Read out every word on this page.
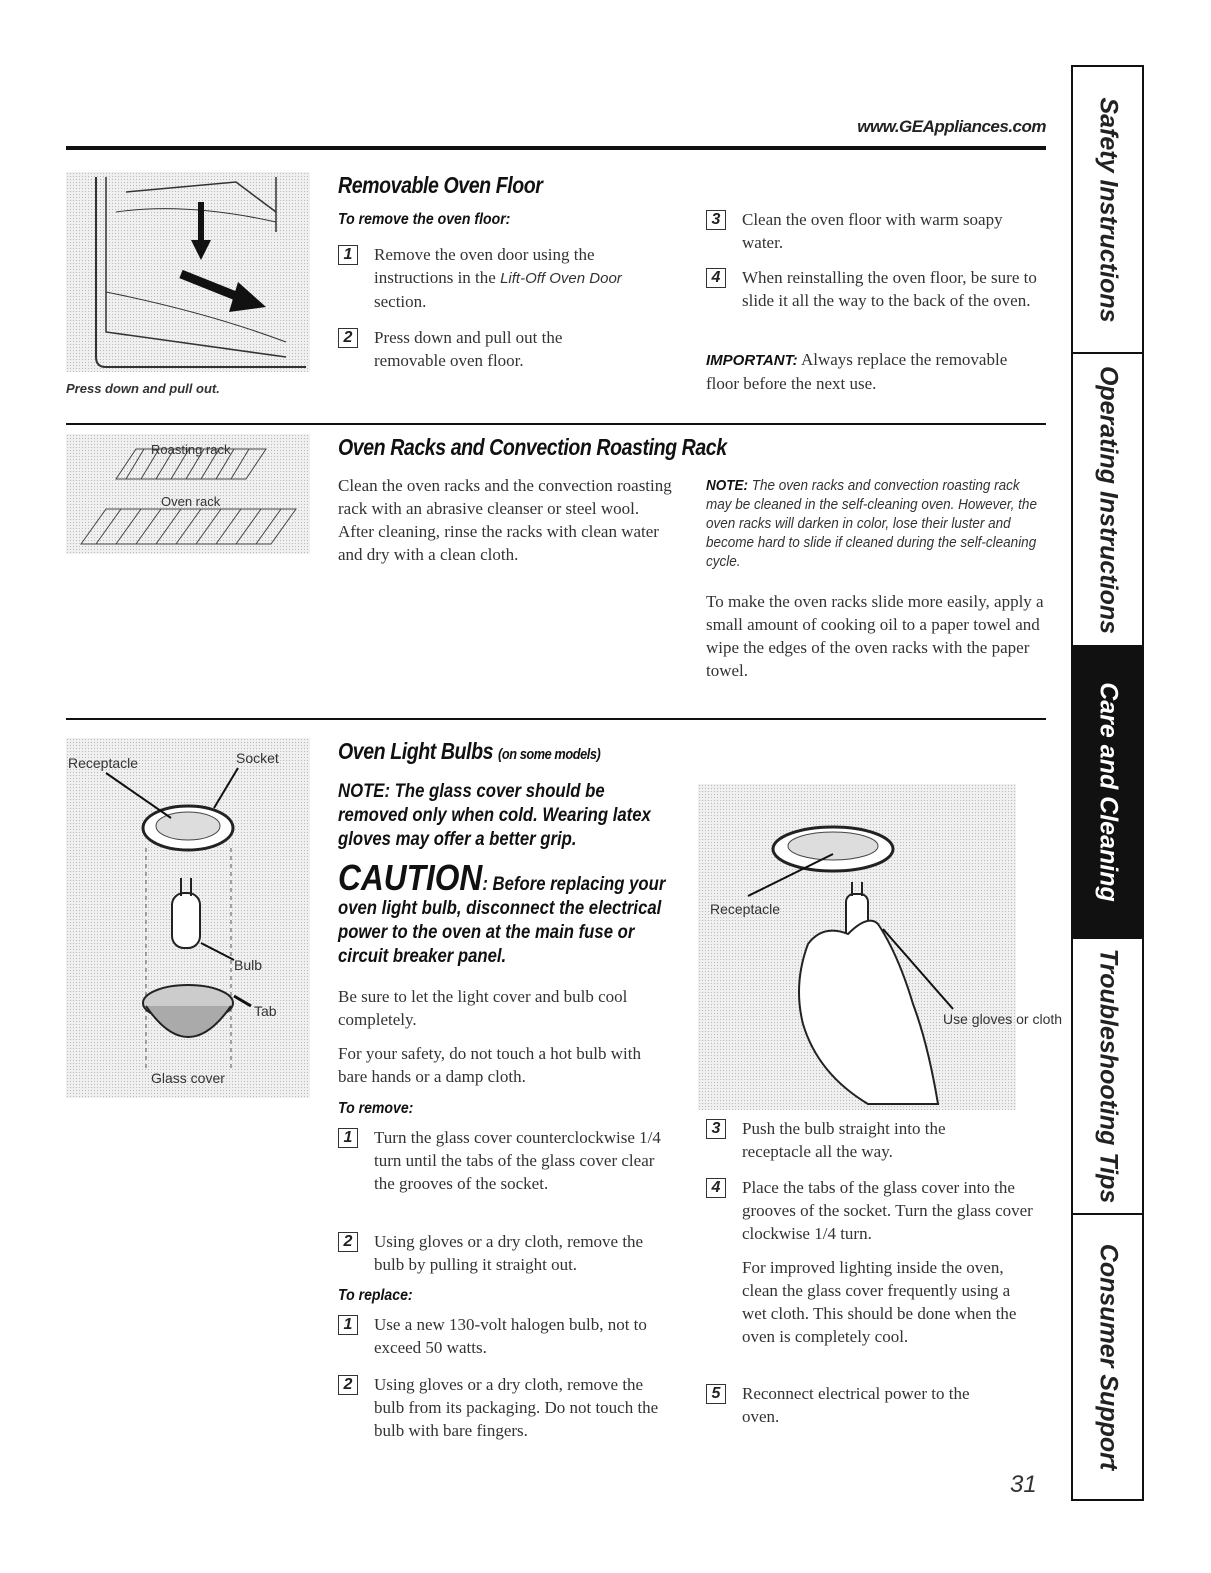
www.GEAppliances.com
Press down and pull out.
Removable Oven Floor
To remove the oven floor:
1	Remove the oven door using the instructions in the Lift-Off Oven Door section.
2	Press down and pull out the removable oven floor.
3	Clean the oven floor with warm soapy water.
4	When reinstalling the oven floor, be sure to slide it all the way to the back of the oven.
IMPORTANT: Always replace the removable floor before the next use.
Roasting rack
Oven rack
Oven Racks and Convection Roasting Rack
Clean the oven racks and the convection roasting rack with an abrasive cleanser or steel wool. After cleaning, rinse the racks with clean water and dry with a clean cloth.
NOTE: The oven racks and convection roasting rack may be cleaned in the self-cleaning oven. However, the oven racks will darken in color, lose their luster and become hard to slide if cleaned during the self-cleaning cycle.
To make the oven racks slide more easily, apply a small amount of cooking oil to a paper towel and wipe the edges of the oven racks with the paper towel.
Receptacle	Socket
Bulb
Tab
Glass cover
Oven Light Bulbs (on some models)
NOTE: The glass cover should be removed only when cold. Wearing latex gloves may offer a better grip.
CAUTION: Before replacing your oven light bulb, disconnect the electrical power to the oven at the main fuse or circuit breaker panel.
Be sure to let the light cover and bulb cool completely.
For your safety, do not touch a hot bulb with bare hands or a damp cloth.
To remove:
1	Turn the glass cover counterclockwise 1/4 turn until the tabs of the glass cover clear the grooves of the socket.
2	Using gloves or a dry cloth, remove the bulb by pulling it straight out.
To replace:
1	Use a new 130-volt halogen bulb, not to exceed 50 watts.
2	Using gloves or a dry cloth, remove the bulb from its packaging. Do not touch the bulb with bare fingers.
Receptacle
Use gloves or cloth
3	Push the bulb straight into the receptacle all the way.
4	Place the tabs of the glass cover into the grooves of the socket. Turn the glass cover clockwise 1/4 turn.
For improved lighting inside the oven, clean the glass cover frequently using a wet cloth. This should be done when the oven is completely cool.
5	Reconnect electrical power to the oven.
31
Safety Instructions
Operating Instructions
Care and Cleaning
Troubleshooting Tips
Consumer Support
